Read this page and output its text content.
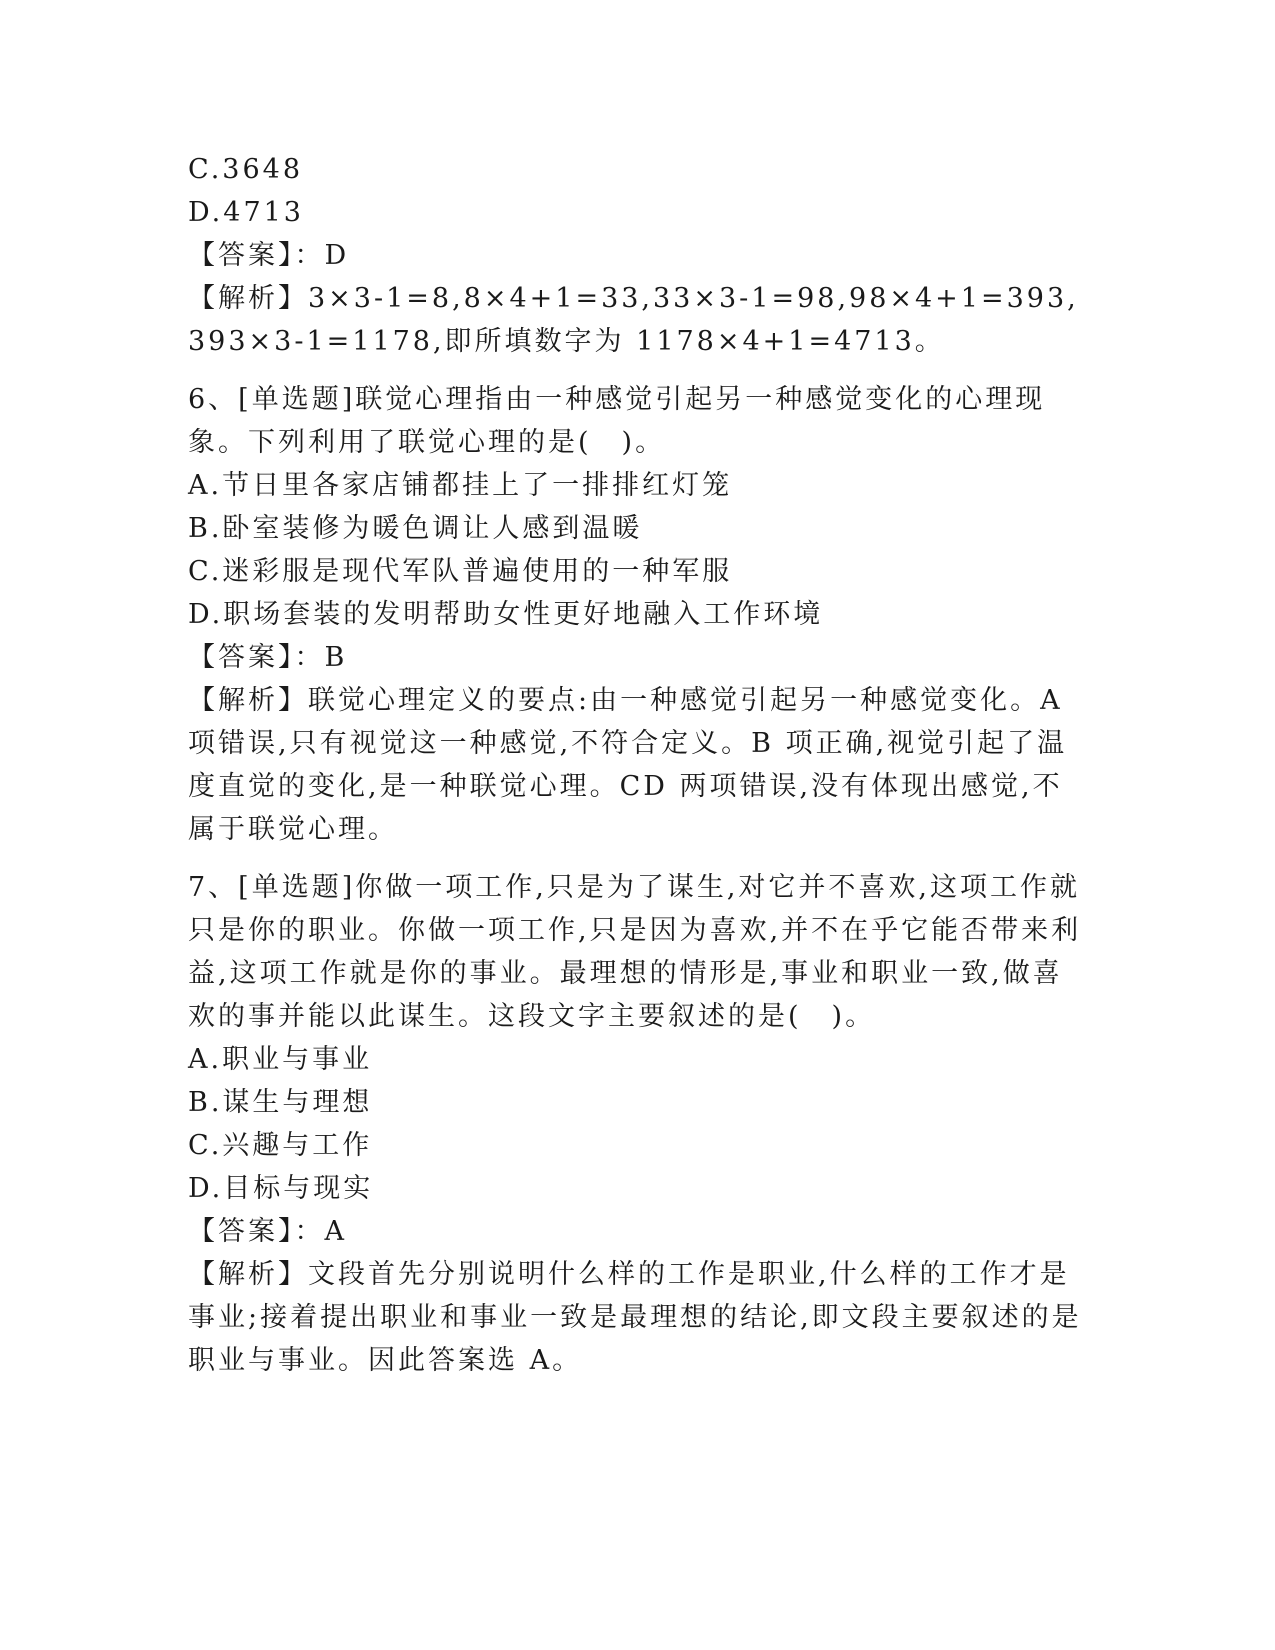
C.3648
D.4713
【答案】：D
【解析】3×3-1=8,8×4+1=33,33×3-1=98,98×4+1=393,393×3-1=1178,即所填数字为 1178×4+1=4713。
6、[单选题]联觉心理指由一种感觉引起另一种感觉变化的心理现象。下列利用了联觉心理的是(　)。
A.节日里各家店铺都挂上了一排排红灯笼
B.卧室装修为暖色调让人感到温暖
C.迷彩服是现代军队普遍使用的一种军服
D.职场套装的发明帮助女性更好地融入工作环境
【答案】：B
【解析】联觉心理定义的要点:由一种感觉引起另一种感觉变化。A 项错误,只有视觉这一种感觉,不符合定义。B 项正确,视觉引起了温度直觉的变化,是一种联觉心理。CD 两项错误,没有体现出感觉,不属于联觉心理。
7、[单选题]你做一项工作,只是为了谋生,对它并不喜欢,这项工作就只是你的职业。你做一项工作,只是因为喜欢,并不在乎它能否带来利益,这项工作就是你的事业。最理想的情形是,事业和职业一致,做喜欢的事并能以此谋生。这段文字主要叙述的是(　)。
A.职业与事业
B.谋生与理想
C.兴趣与工作
D.目标与现实
【答案】：A
【解析】文段首先分别说明什么样的工作是职业,什么样的工作才是事业;接着提出职业和事业一致是最理想的结论,即文段主要叙述的是职业与事业。因此答案选 A。
